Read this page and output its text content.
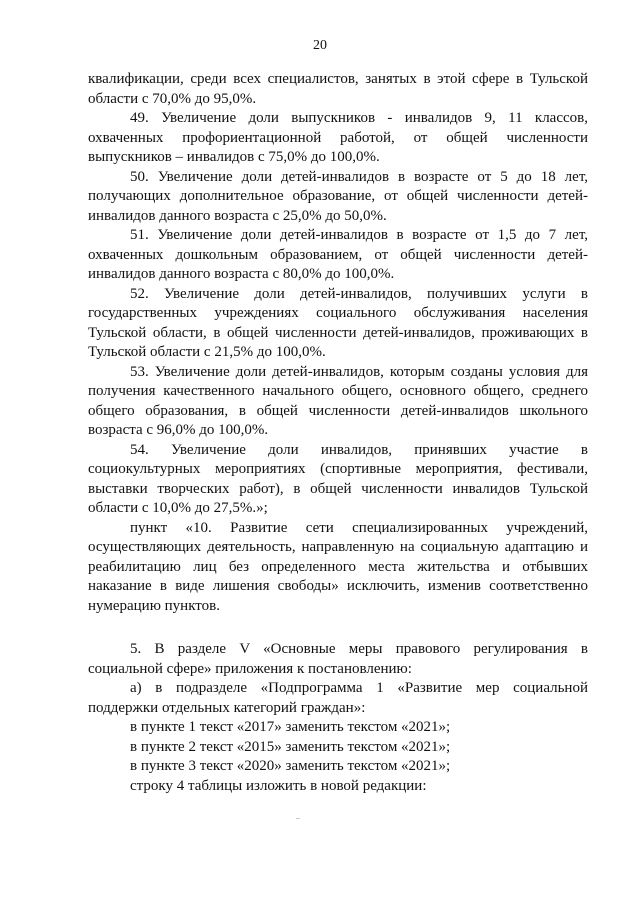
20

квалификации, среди всех специалистов, занятых в этой сфере в Тульской области с 70,0% до 95,0%.

49. Увеличение доли выпускников - инвалидов 9, 11 классов, охваченных профориентационной работой, от общей численности выпускников – инвалидов с 75,0% до 100,0%.

50. Увеличение доли детей-инвалидов в возрасте от 5 до 18 лет, получающих дополнительное образование, от общей численности детей-инвалидов данного возраста с 25,0% до 50,0%.

51. Увеличение доли детей-инвалидов в возрасте от 1,5 до 7 лет, охваченных дошкольным образованием, от общей численности детей-инвалидов данного возраста с 80,0% до 100,0%.

52. Увеличение доли детей-инвалидов, получивших услуги в государственных учреждениях социального обслуживания населения Тульской области, в общей численности детей-инвалидов, проживающих в Тульской области с 21,5% до 100,0%.

53. Увеличение доли детей-инвалидов, которым созданы условия для получения качественного начального общего, основного общего, среднего общего образования, в общей численности детей-инвалидов школьного возраста с 96,0% до 100,0%.

54. Увеличение доли инвалидов, принявших участие в социокультурных мероприятиях (спортивные мероприятия, фестивали, выставки творческих работ), в общей численности инвалидов Тульской области с 10,0% до 27,5%.»;

пункт «10. Развитие сети специализированных учреждений, осуществляющих деятельность, направленную на социальную адаптацию и реабилитацию лиц без определенного места жительства и отбывших наказание в виде лишения свободы» исключить, изменив соответственно нумерацию пунктов.

5. В разделе V «Основные меры правового регулирования в социальной сфере» приложения к постановлению:

а) в подразделе «Подпрограмма 1 «Развитие мер социальной поддержки отдельных категорий граждан»:

в пункте 1 текст «2017» заменить текстом «2021»;

в пункте 2 текст «2015» заменить текстом «2021»;

в пункте 3 текст «2020» заменить текстом «2021»;

строку 4 таблицы изложить в новой редакции:
